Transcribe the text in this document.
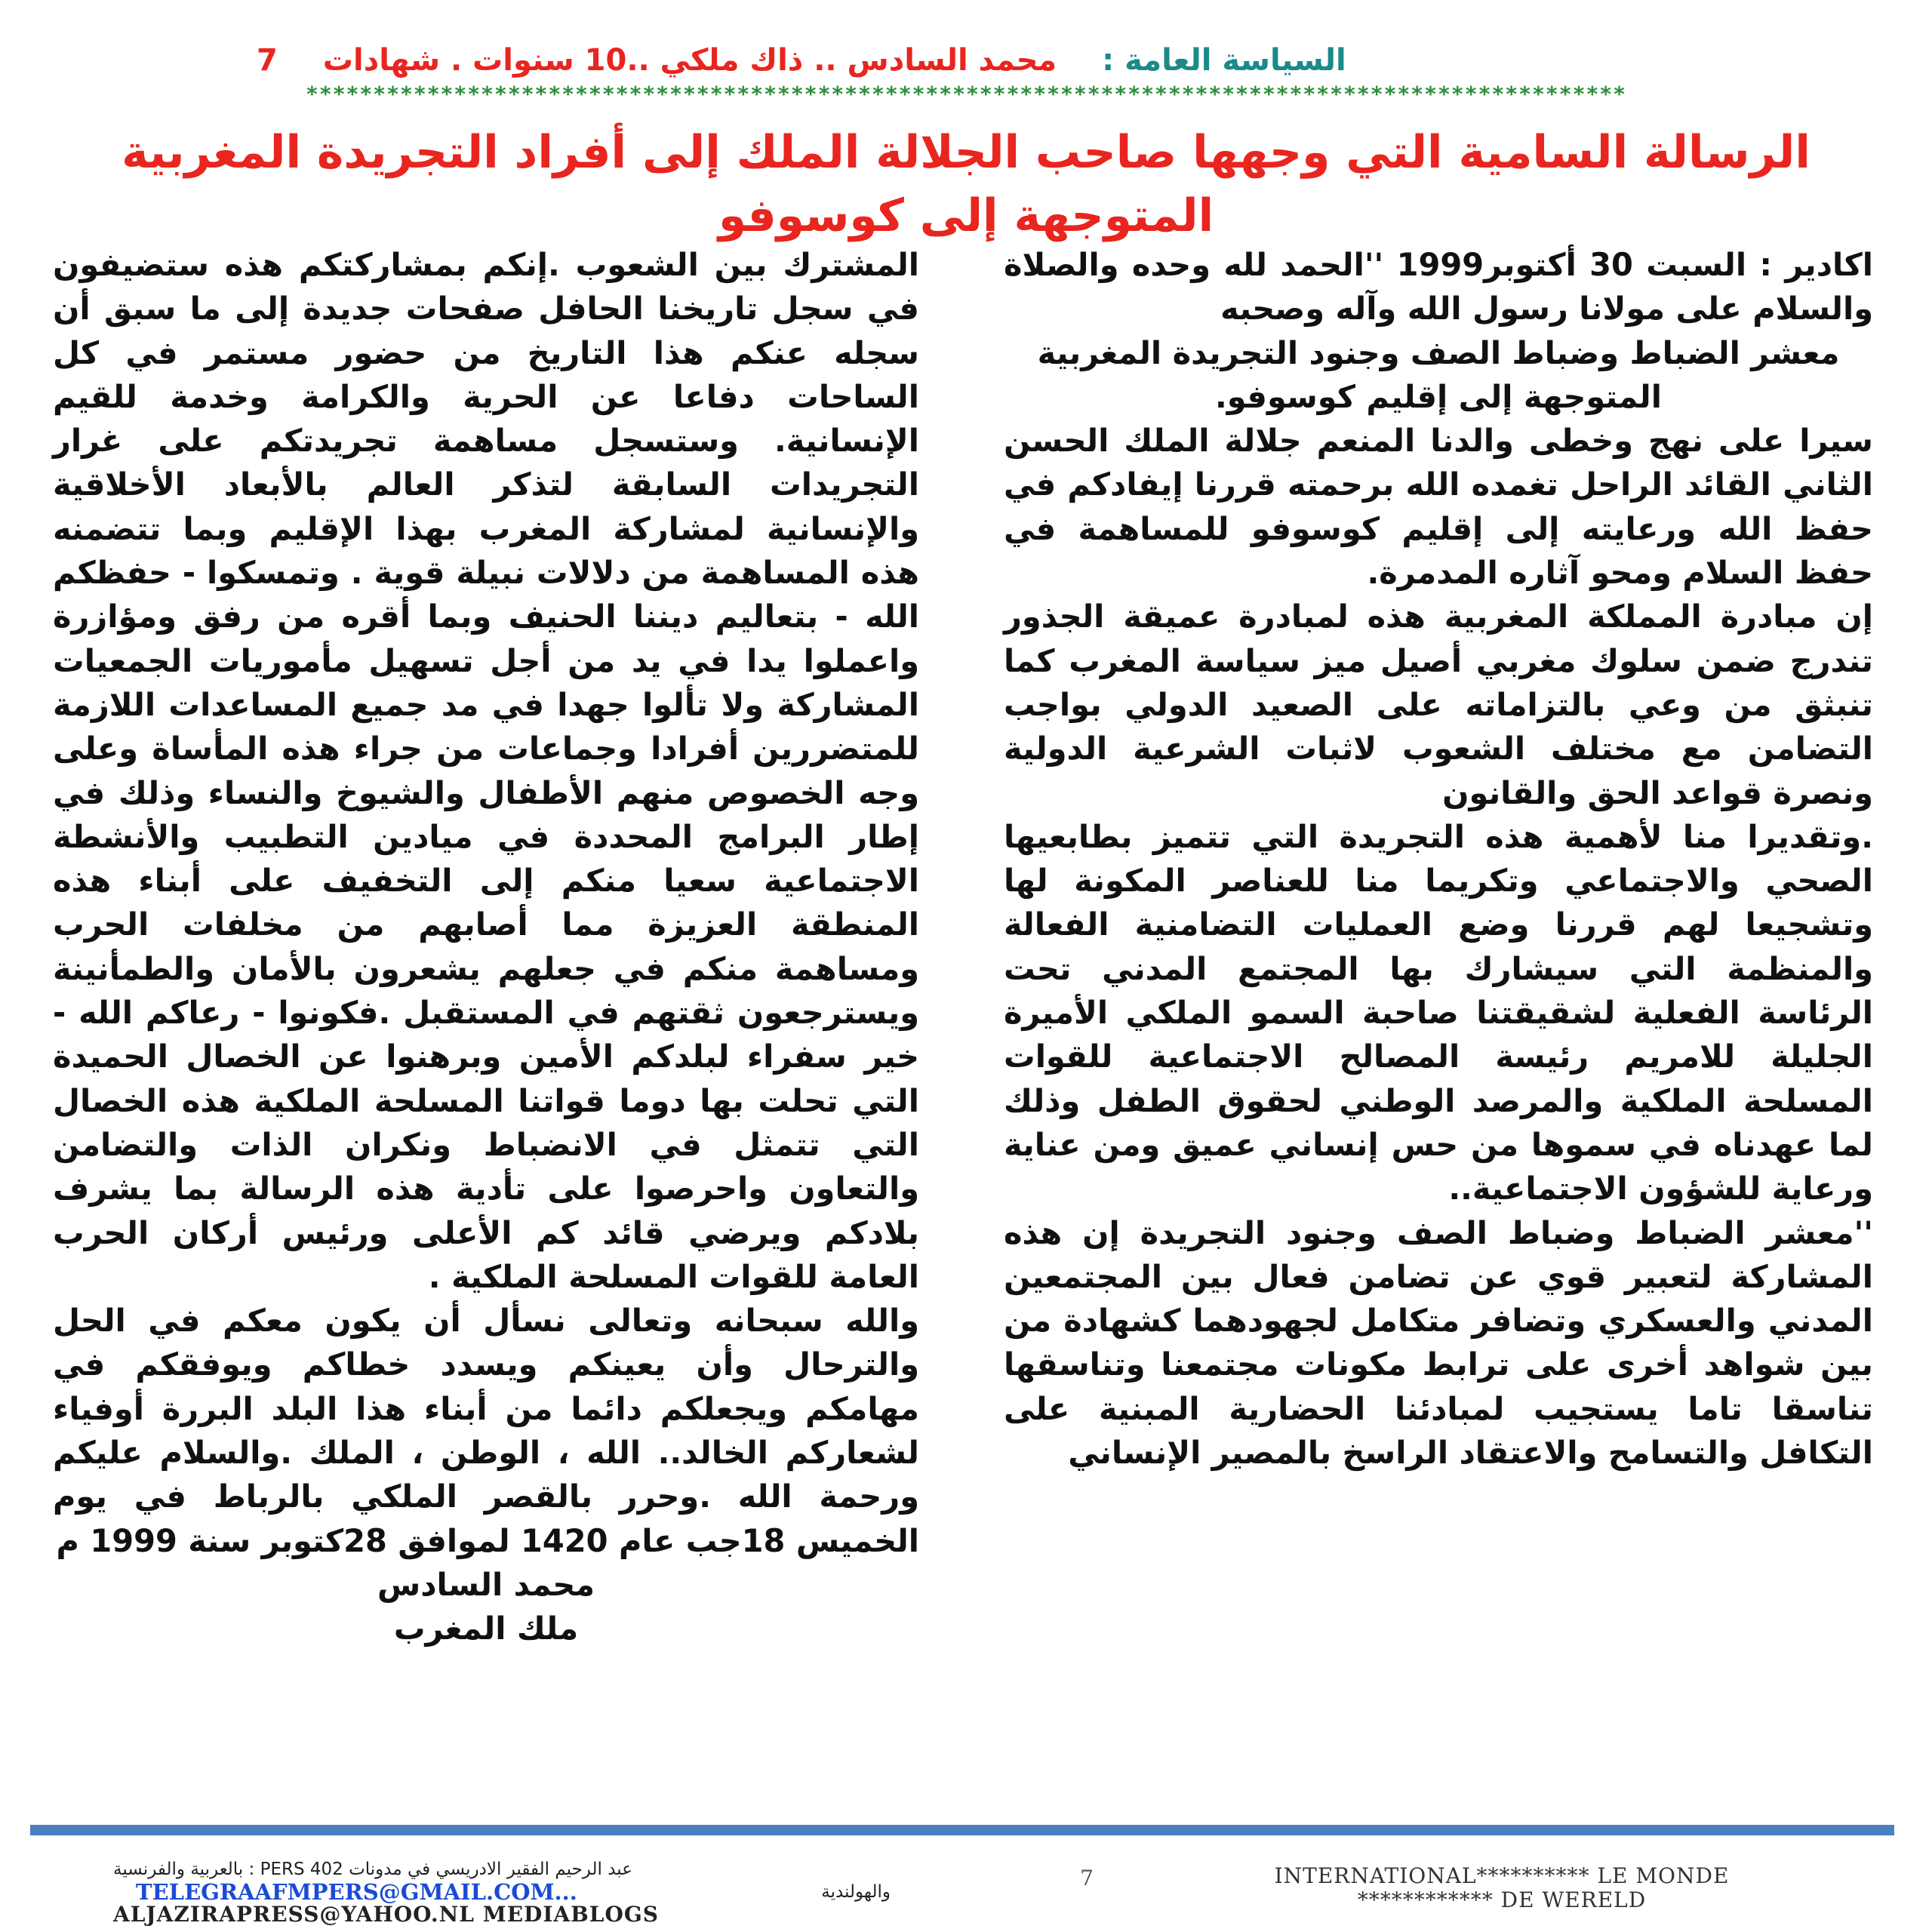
السياسة العامة :
محمد السادس .. ذاك ملكي ..10 سنوات . شهادات
7
**************************************************************************************************
الرسالة السامية التي وجهها صاحب الجلالة الملك إلى أفراد التجريدة المغربية المتوجهة إلى كوسوفو

اكادير : السبت 30 أكتوبر1999 ''الحمد لله وحده والصلاة والسلام على مولانا رسول الله وآله وصحبه

معشر الضباط وضباط الصف وجنود التجريدة المغربية المتوجهة إلى إقليم كوسوفو.

سيرا على نهج وخطى والدنا المنعم جلالة الملك الحسن الثاني القائد الراحل تغمده الله برحمته قررنا إيفادكم في حفظ الله ورعايته إلى إقليم كوسوفو للمساهمة في حفظ السلام ومحو آثاره المدمرة.

إن مبادرة المملكة المغربية هذه لمبادرة عميقة الجذور تندرج ضمن سلوك مغربي أصيل ميز سياسة المغرب كما تنبثق من وعي بالتزاماته على الصعيد الدولي بواجب التضامن مع مختلف الشعوب لاثبات الشرعية الدولية ونصرة قواعد الحق والقانون

.وتقديرا منا لأهمية هذه التجريدة التي تتميز بطابعيها الصحي والاجتماعي وتكريما منا للعناصر المكونة لها وتشجيعا لهم قررنا وضع العمليات التضامنية الفعالة والمنظمة التي سيشارك بها المجتمع المدني تحت الرئاسة الفعلية لشقيقتنا صاحبة السمو الملكي الأميرة الجليلة للامريم رئيسة المصالح الاجتماعية للقوات المسلحة الملكية والمرصد الوطني لحقوق الطفل وذلك لما عهدناه في سموها من حس إنساني عميق ومن عناية ورعاية للشؤون الاجتماعية..

''معشر الضباط وضباط الصف وجنود التجريدة إن هذه المشاركة لتعبير قوي عن تضامن فعال بين المجتمعين المدني والعسكري وتضافر متكامل لجهودهما كشهادة من بين شواهد أخرى على ترابط مكونات مجتمعنا وتناسقها تناسقا تاما يستجيب لمبادئنا الحضارية المبنية على التكافل والتسامح والاعتقاد الراسخ بالمصير الإنساني

المشترك بين الشعوب .إنكم بمشاركتكم هذه ستضيفون في سجل تاريخنا الحافل صفحات جديدة إلى ما سبق أن سجله عنكم هذا التاريخ من حضور مستمر في كل الساحات دفاعا عن الحرية والكرامة وخدمة للقيم الإنسانية. وستسجل مساهمة تجريدتكم على غرار التجريدات السابقة لتذكر العالم بالأبعاد الأخلاقية والإنسانية لمشاركة المغرب بهذا الإقليم وبما تتضمنه هذه المساهمة من دلالات نبيلة قوية . وتمسكوا - حفظكم الله - بتعاليم ديننا الحنيف وبما أقره من رفق ومؤازرة واعملوا يدا في يد من أجل تسهيل مأموريات الجمعيات المشاركة ولا تألوا جهدا في مد جميع المساعدات اللازمة للمتضررين أفرادا وجماعات من جراء هذه المأساة وعلى وجه الخصوص منهم الأطفال والشيوخ والنساء وذلك في إطار البرامج المحددة في ميادين التطبيب والأنشطة الاجتماعية سعيا منكم إلى التخفيف على أبناء هذه المنطقة العزيزة مما أصابهم من مخلفات الحرب ومساهمة منكم في جعلهم يشعرون بالأمان والطمأنينة ويسترجعون ثقتهم في المستقبل .فكونوا - رعاكم الله - خير سفراء لبلدكم الأمين وبرهنوا عن الخصال الحميدة التي تحلت بها دوما قواتنا المسلحة الملكية هذه الخصال التي تتمثل في الانضباط ونكران الذات والتضامن والتعاون واحرصوا على تأدية هذه الرسالة بما يشرف بلادكم ويرضي قائد كم الأعلى ورئيس أركان الحرب العامة للقوات المسلحة الملكية .

والله سبحانه وتعالى نسأل أن يكون معكم في الحل والترحال وأن يعينكم ويسدد خطاكم ويوفقكم في مهامكم ويجعلكم دائما من أبناء هذا البلد البررة أوفياء لشعاركم الخالد.. الله ، الوطن ، الملك .والسلام عليكم ورحمة الله .وحرر بالقصر الملكي بالرباط في يوم الخميس 18جب عام 1420 لموافق 28كتوبر سنة 1999 م

محمد السادس

ملك المغرب

INTERNATIONAL********** LE MONDE
************ DE WERELD
7
عبد الرحيم الفقير الادريسي في مدونات PERS 402 : بالعربية والفرنسية
TELEGRAAFMPERS@GMAIL.COM...	والهولندية
ALJAZIRAPRESS@YAHOO.NL MEDIABLOGS
